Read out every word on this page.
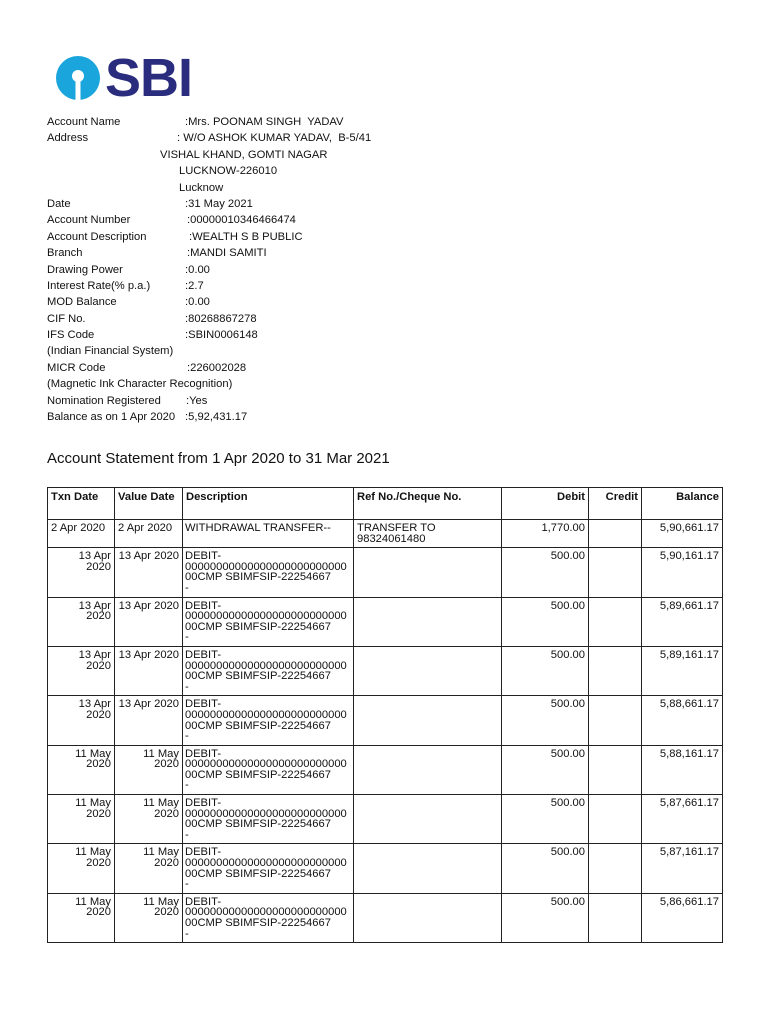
SBI
Account Name	:Mrs. POONAM SINGH  YADAV
Address	: W/O ASHOK KUMAR YADAV,  B-5/41
VISHAL KHAND, GOMTI NAGAR
LUCKNOW-226010
Lucknow
Date	:31 May 2021
Account Number	:00000010346466474
Account Description	:WEALTH S B PUBLIC
Branch	:MANDI SAMITI
Drawing Power	:0.00
Interest Rate(% p.a.)	:2.7
MOD Balance	:0.00
CIF No.	:80268867278
IFS Code	:SBIN0006148
(Indian Financial System)
MICR Code	:226002028
(Magnetic Ink Character Recognition)
Nomination Registered :Yes
Balance as on 1 Apr 2020 :5,92,431.17
Account Statement from 1 Apr 2020 to 31 Mar 2021
Txn Date	Value Date	Description	Ref No./Cheque No.	Debit	Credit	Balance
2 Apr 2020	2 Apr 2020	WITHDRAWAL TRANSFER--	TRANSFER TO 98324061480	1,770.00		5,90,661.17
13 Apr 2020	13 Apr 2020	DEBIT-
0000000000000000000000000000CMP SBIMFSIP-22254667
-		500.00		5,90,161.17
13 Apr 2020	13 Apr 2020	DEBIT-
0000000000000000000000000000CMP SBIMFSIP-22254667
-		500.00		5,89,661.17
13 Apr 2020	13 Apr 2020	DEBIT-
0000000000000000000000000000CMP SBIMFSIP-22254667
-		500.00		5,89,161.17
13 Apr 2020	13 Apr 2020	DEBIT-
0000000000000000000000000000CMP SBIMFSIP-22254667
-		500.00		5,88,661.17
11 May 2020	11 May 2020	DEBIT-
0000000000000000000000000000CMP SBIMFSIP-22254667
-		500.00		5,88,161.17
11 May 2020	11 May 2020	DEBIT-
0000000000000000000000000000CMP SBIMFSIP-22254667
-		500.00		5,87,661.17
11 May 2020	11 May 2020	DEBIT-
0000000000000000000000000000CMP SBIMFSIP-22254667
-		500.00		5,87,161.17
11 May 2020	11 May 2020	DEBIT-
0000000000000000000000000000CMP SBIMFSIP-22254667
-		500.00		5,86,661.17
